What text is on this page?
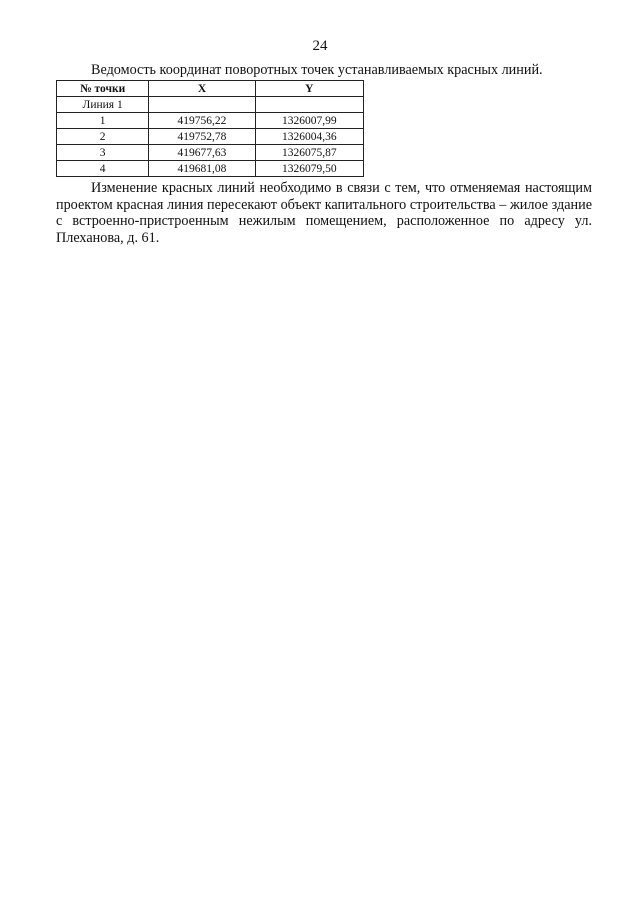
24
Ведомость координат поворотных точек устанавливаемых красных линий.
№ точки	X	Y
Линия 1		
1	419756,22	1326007,99
2	419752,78	1326004,36
3	419677,63	1326075,87
4	419681,08	1326079,50

Изменение красных линий необходимо в связи с тем, что отменяемая настоящим проектом красная линия пересекают объект капитального строительства – жилое здание с встроенно-пристроенным нежилым помещением, расположенное по адресу ул. Плеханова, д. 61.
